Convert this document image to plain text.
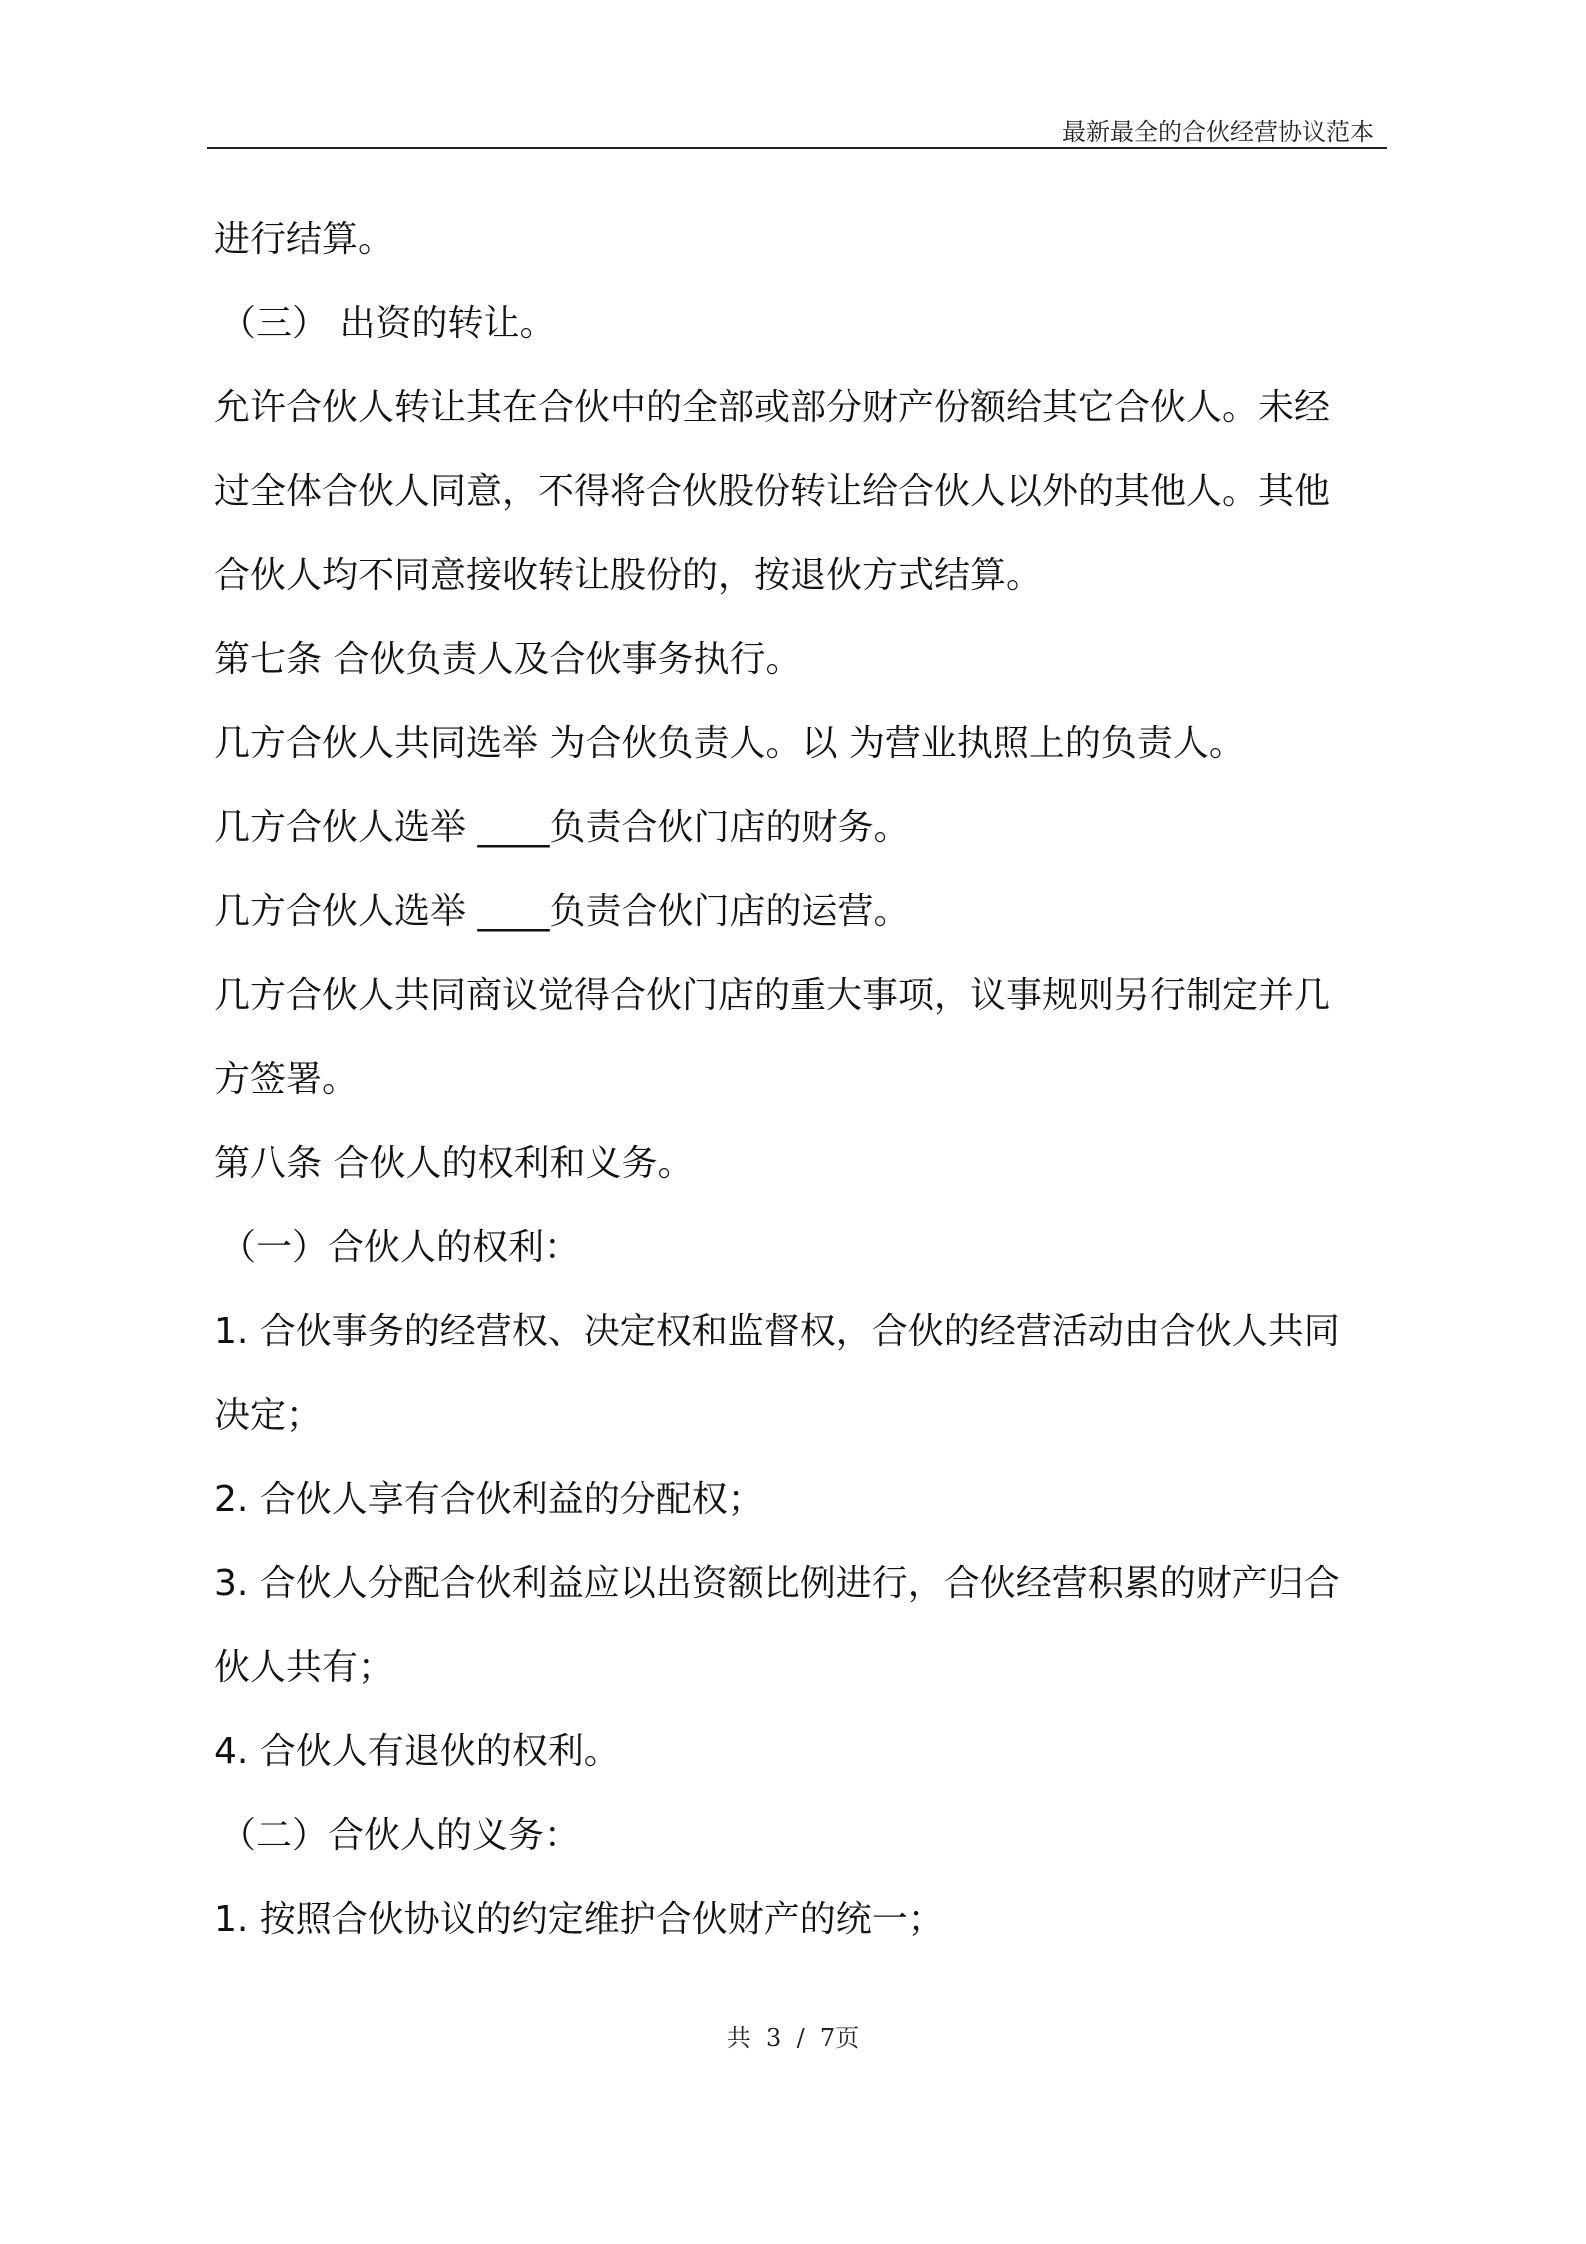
最新最全的合伙经营协议范本
进行结算。
（三） 出资的转让。
允许合伙人转让其在合伙中的全部或部分财产份额给其它合伙人。未经
过全体合伙人同意，不得将合伙股份转让给合伙人以外的其他人。其他
合伙人均不同意接收转让股份的，按退伙方式结算。
第七条 合伙负责人及合伙事务执行。
几方合伙人共同选举 为合伙负责人。以 为营业执照上的负责人。
几方合伙人选举 ____负责合伙门店的财务。
几方合伙人选举 ____负责合伙门店的运营。
几方合伙人共同商议觉得合伙门店的重大事项，议事规则另行制定并几
方签署。
第八条 合伙人的权利和义务。
（一）合伙人的权利：
1. 合伙事务的经营权、决定权和监督权，合伙的经营活动由合伙人共同
决定；
2. 合伙人享有合伙利益的分配权；
3. 合伙人分配合伙利益应以出资额比例进行，合伙经营积累的财产归合
伙人共有；
4. 合伙人有退伙的权利。
（二）合伙人的义务：
1. 按照合伙协议的约定维护合伙财产的统一；
共  3  /  7页
